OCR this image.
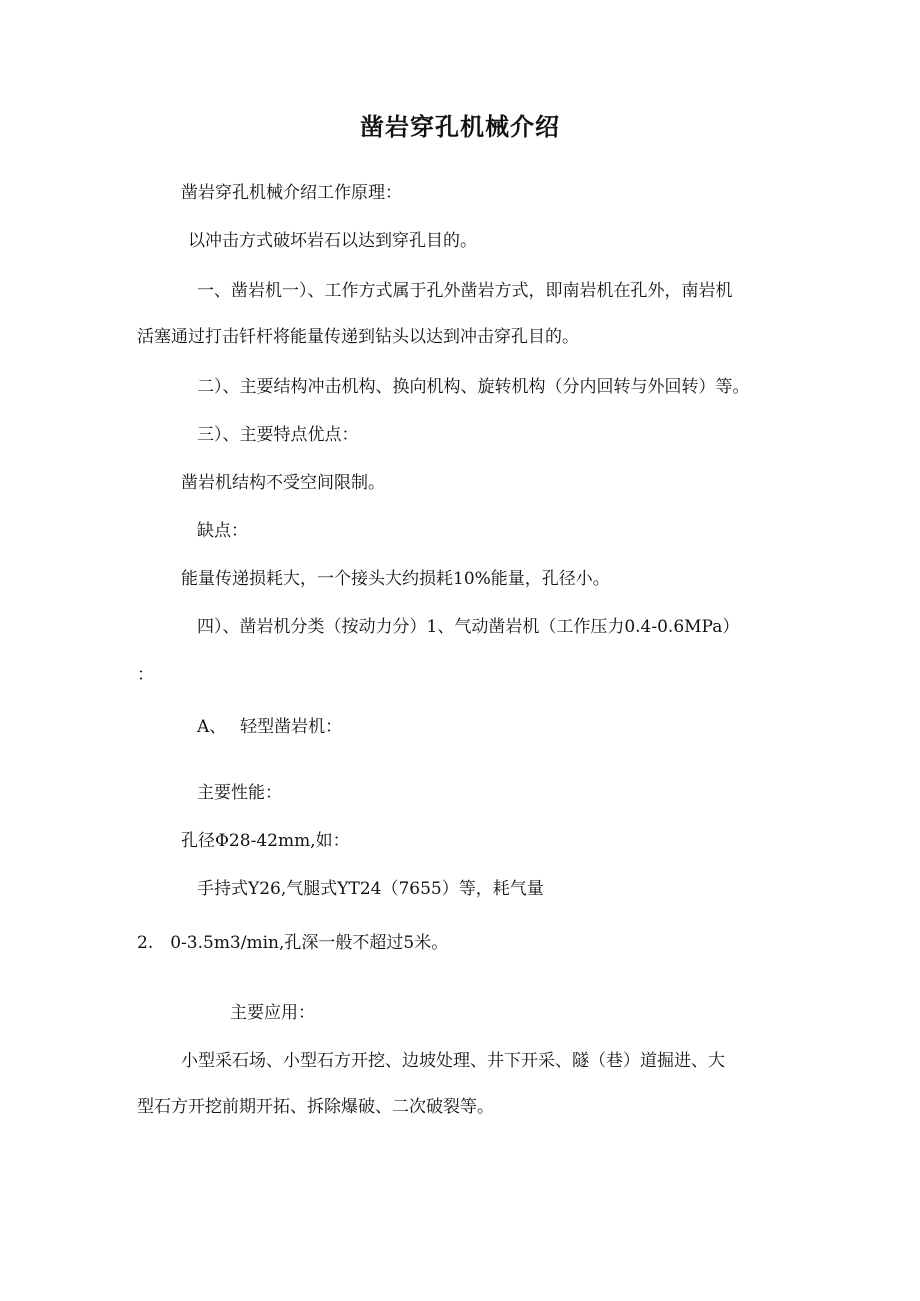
凿岩穿孔机械介绍

凿岩穿孔机械介绍工作原理：

以冲击方式破坏岩石以达到穿孔目的。

一、凿岩机一）、工作方式属于孔外凿岩方式，即南岩机在孔外，南岩机

活塞通过打击钎杆将能量传递到钻头以达到冲击穿孔目的。

二）、主要结构冲击机构、换向机构、旋转机构（分内回转与外回转）等。

三）、主要特点优点：

凿岩机结构不受空间限制。

缺点：

能量传递损耗大，一个接头大约损耗10%能量，孔径小。

四）、凿岩机分类（按动力分）1、气动凿岩机（工作压力0.4-0.6MPa）

：

A、　 轻型凿岩机：

主要性能：

孔径Φ28-42mm,如：

手持式Y26,气腿式YT24（7655）等，耗气量

2.　0-3.5m3/min,孔深一般不超过5米。

主要应用：

小型采石场、小型石方开挖、边坡处理、井下开采、隧（巷）道掘进、大

型石方开挖前期开拓、拆除爆破、二次破裂等。
